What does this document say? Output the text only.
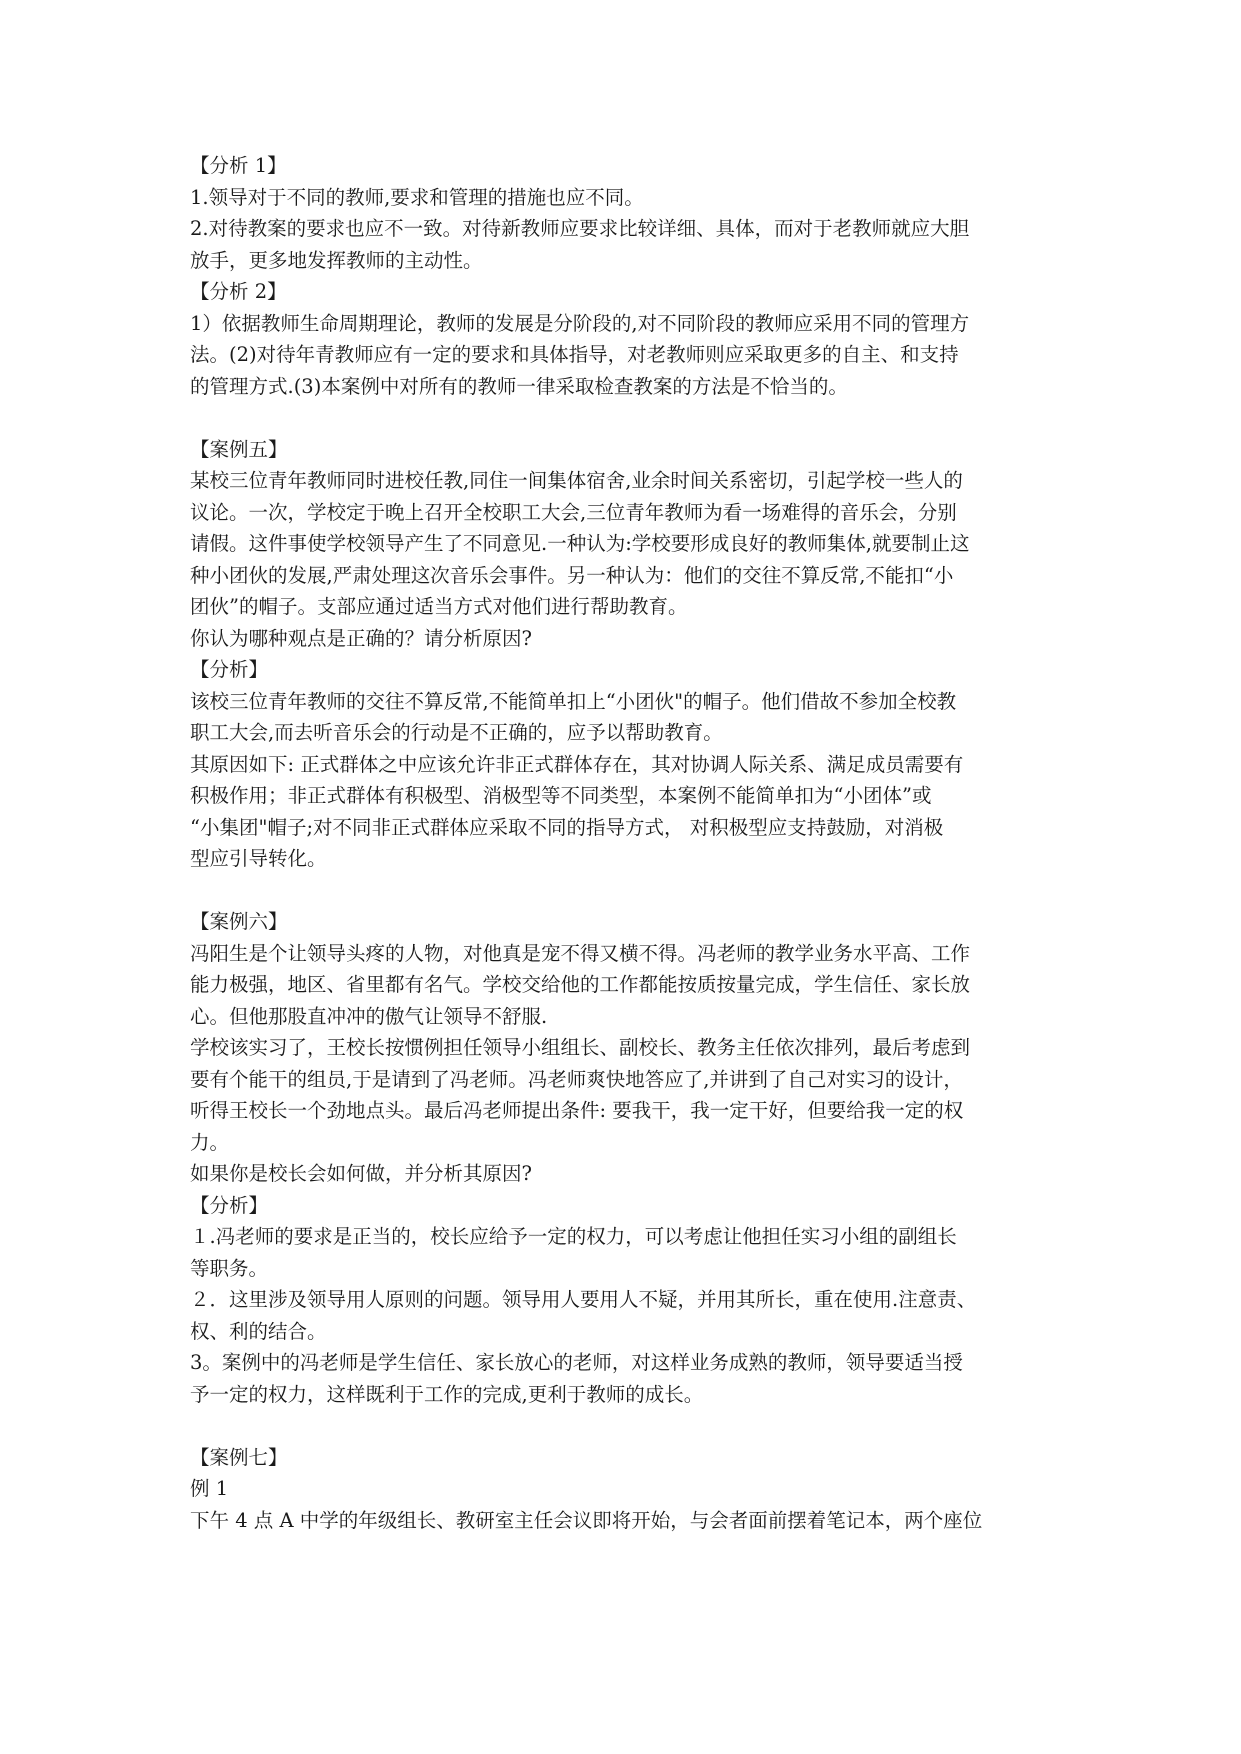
【分析 1】
1.领导对于不同的教师,要求和管理的措施也应不同。
2.对待教案的要求也应不一致。对待新教师应要求比较详细、具体，而对于老教师就应大胆
放手，更多地发挥教师的主动性。
【分析 2】
1）依据教师生命周期理论，教师的发展是分阶段的,对不同阶段的教师应采用不同的管理方
法。(2)对待年青教师应有一定的要求和具体指导，对老教师则应采取更多的自主、和支持
的管理方式.(3)本案例中对所有的教师一律采取检查教案的方法是不恰当的。
【案例五】
某校三位青年教师同时进校任教,同住一间集体宿舍,业余时间关系密切，引起学校一些人的
议论。一次，学校定于晚上召开全校职工大会,三位青年教师为看一场难得的音乐会，分别
请假。这件事使学校领导产生了不同意见.一种认为:学校要形成良好的教师集体,就要制止这
种小团伙的发展,严肃处理这次音乐会事件。另一种认为：他们的交往不算反常,不能扣“小
团伙”的帽子。支部应通过适当方式对他们进行帮助教育。
你认为哪种观点是正确的？请分析原因?
【分析】
该校三位青年教师的交往不算反常,不能简单扣上“小团伙"的帽子。他们借故不参加全校教
职工大会,而去听音乐会的行动是不正确的，应予以帮助教育。
其原因如下: 正式群体之中应该允许非正式群体存在，其对协调人际关系、满足成员需要有
积极作用；非正式群体有积极型、消极型等不同类型，本案例不能简单扣为“小团体”或
“小集团"帽子;对不同非正式群体应采取不同的指导方式， 对积极型应支持鼓励，对消极
型应引导转化。
【案例六】
冯阳生是个让领导头疼的人物，对他真是宠不得又横不得。冯老师的教学业务水平高、工作
能力极强，地区、省里都有名气。学校交给他的工作都能按质按量完成，学生信任、家长放
心。但他那股直冲冲的傲气让领导不舒服.
学校该实习了，王校长按惯例担任领导小组组长、副校长、教务主任依次排列，最后考虑到
要有个能干的组员,于是请到了冯老师。冯老师爽快地答应了,并讲到了自己对实习的设计，
听得王校长一个劲地点头。最后冯老师提出条件: 要我干，我一定干好，但要给我一定的权
力。
如果你是校长会如何做，并分析其原因?
【分析】
１.冯老师的要求是正当的，校长应给予一定的权力，可以考虑让他担任实习小组的副组长
等职务。
２．这里涉及领导用人原则的问题。领导用人要用人不疑，并用其所长，重在使用.注意责、
权、利的结合。
3。案例中的冯老师是学生信任、家长放心的老师，对这样业务成熟的教师，领导要适当授
予一定的权力，这样既利于工作的完成,更利于教师的成长。
【案例七】
例 1
下午 4 点 A 中学的年级组长、教研室主任会议即将开始，与会者面前摆着笔记本，两个座位
